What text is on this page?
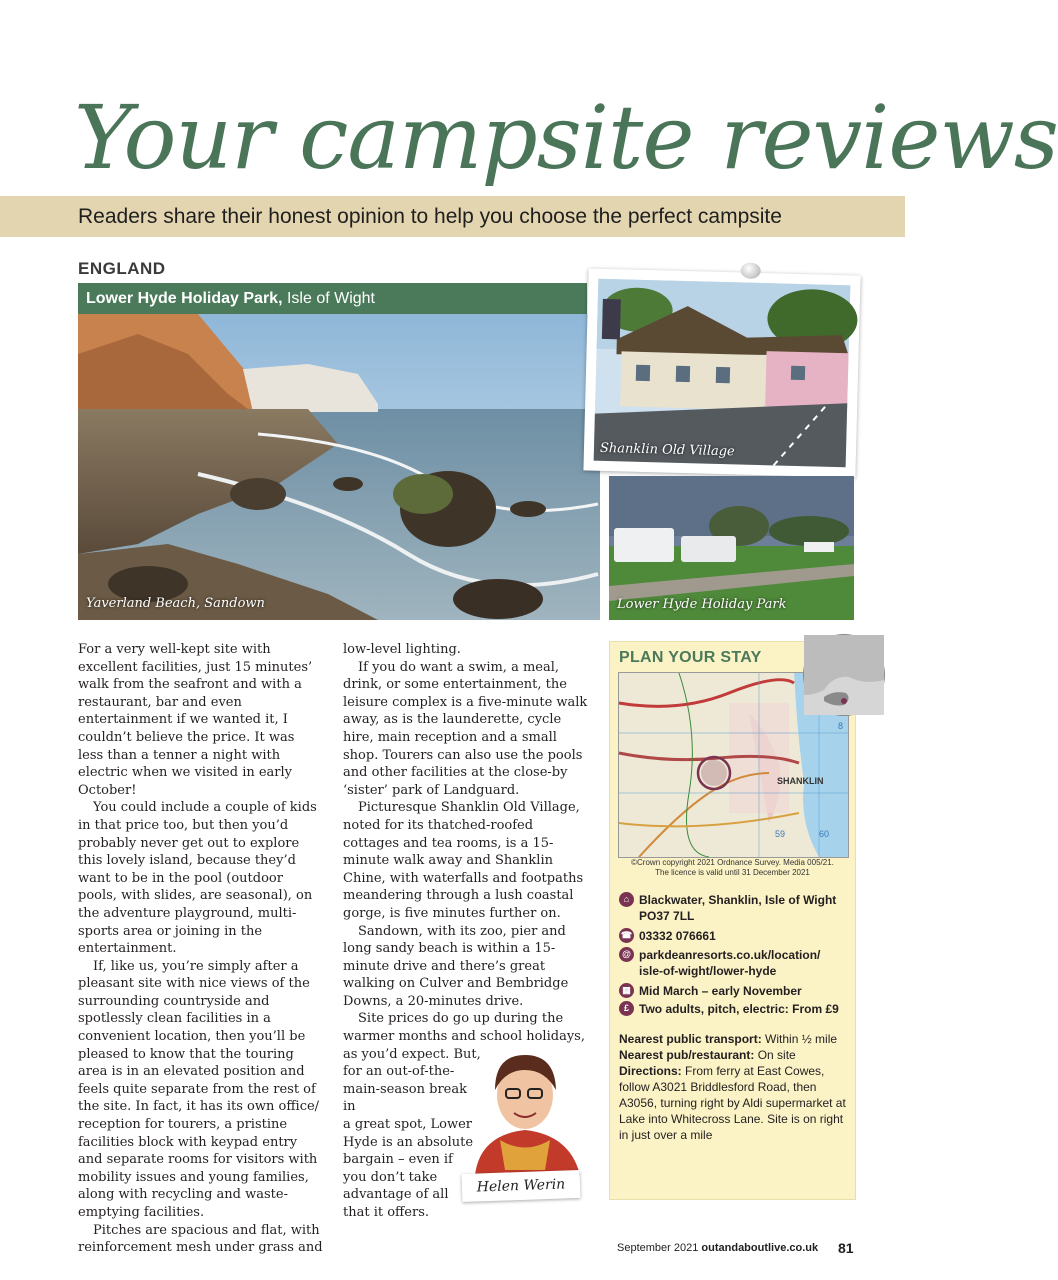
Your campsite reviews
Readers share their honest opinion to help you choose the perfect campsite
ENGLAND
Lower Hyde Holiday Park, Isle of Wight
Yaverland Beach, Sandown
Shanklin Old Village
Lower Hyde Holiday Park

For a very well-kept site with excellent facilities, just 15 minutes’ walk from the seafront and with a restaurant, bar and even entertainment if we wanted it, I couldn’t believe the price. It was less than a tenner a night with electric when we visited in early October!

You could include a couple of kids in that price too, but then you’d probably never get out to explore this lovely island, because they’d want to be in the pool (outdoor pools, with slides, are seasonal), on the adventure playground, multi-sports area or joining in the entertainment.

If, like us, you’re simply after a pleasant site with nice views of the surrounding countryside and spotlessly clean facilities in a convenient location, then you’ll be pleased to know that the touring area is in an elevated position and feels quite separate from the rest of the site. In fact, it has its own office/ reception for tourers, a pristine facilities block with keypad entry and separate rooms for visitors with mobility issues and young families, along with recycling and waste-emptying facilities.

Pitches are spacious and flat, with reinforcement mesh under grass and

low-level lighting.

If you do want a swim, a meal, drink, or some entertainment, the leisure complex is a five-minute walk away, as is the launderette, cycle hire, main reception and a small shop. Tourers can also use the pools and other facilities at the close-by ‘sister’ park of Landguard.

Picturesque Shanklin Old Village, noted for its thatched-roofed cottages and tea rooms, is a 15-minute walk away and Shanklin Chine, with waterfalls and footpaths meandering through a lush coastal gorge, is five minutes further on.

Sandown, with its zoo, pier and long sandy beach is within a 15-minute drive and there’s great walking on Culver and Bembridge Downs, a 20-minutes drive.

Site prices do go up during the warmer months and school holidays, as you’d expect. But,

for an out-of-the-
main-season break in
a great spot, Lower
Hyde is an absolute
bargain – even if
you don’t take
advantage of all
that it offers.
Helen Werin
PLAN YOUR STAY
SHANKLIN
59	60
8
©Crown copyright 2021 Ordnance Survey. Media 005/21.
The licence is valid until 31 December 2021
⌂ Blackwater, Shanklin, Isle of Wight
PO37 7LL
☎ 03332 076661
@ parkdeanresorts.co.uk/location/
isle-of-wight/lower-hyde
▦ Mid March – early November
£ Two adults, pitch, electric: From £9
Nearest public transport: Within ½ mile
Nearest pub/restaurant: On site
Directions: From ferry at East Cowes, follow A3021 Briddlesford Road, then A3056, turning right by Aldi supermarket at Lake into Whitecross Lane. Site is on right in just over a mile
September 2021 outandaboutlive.co.uk 81
